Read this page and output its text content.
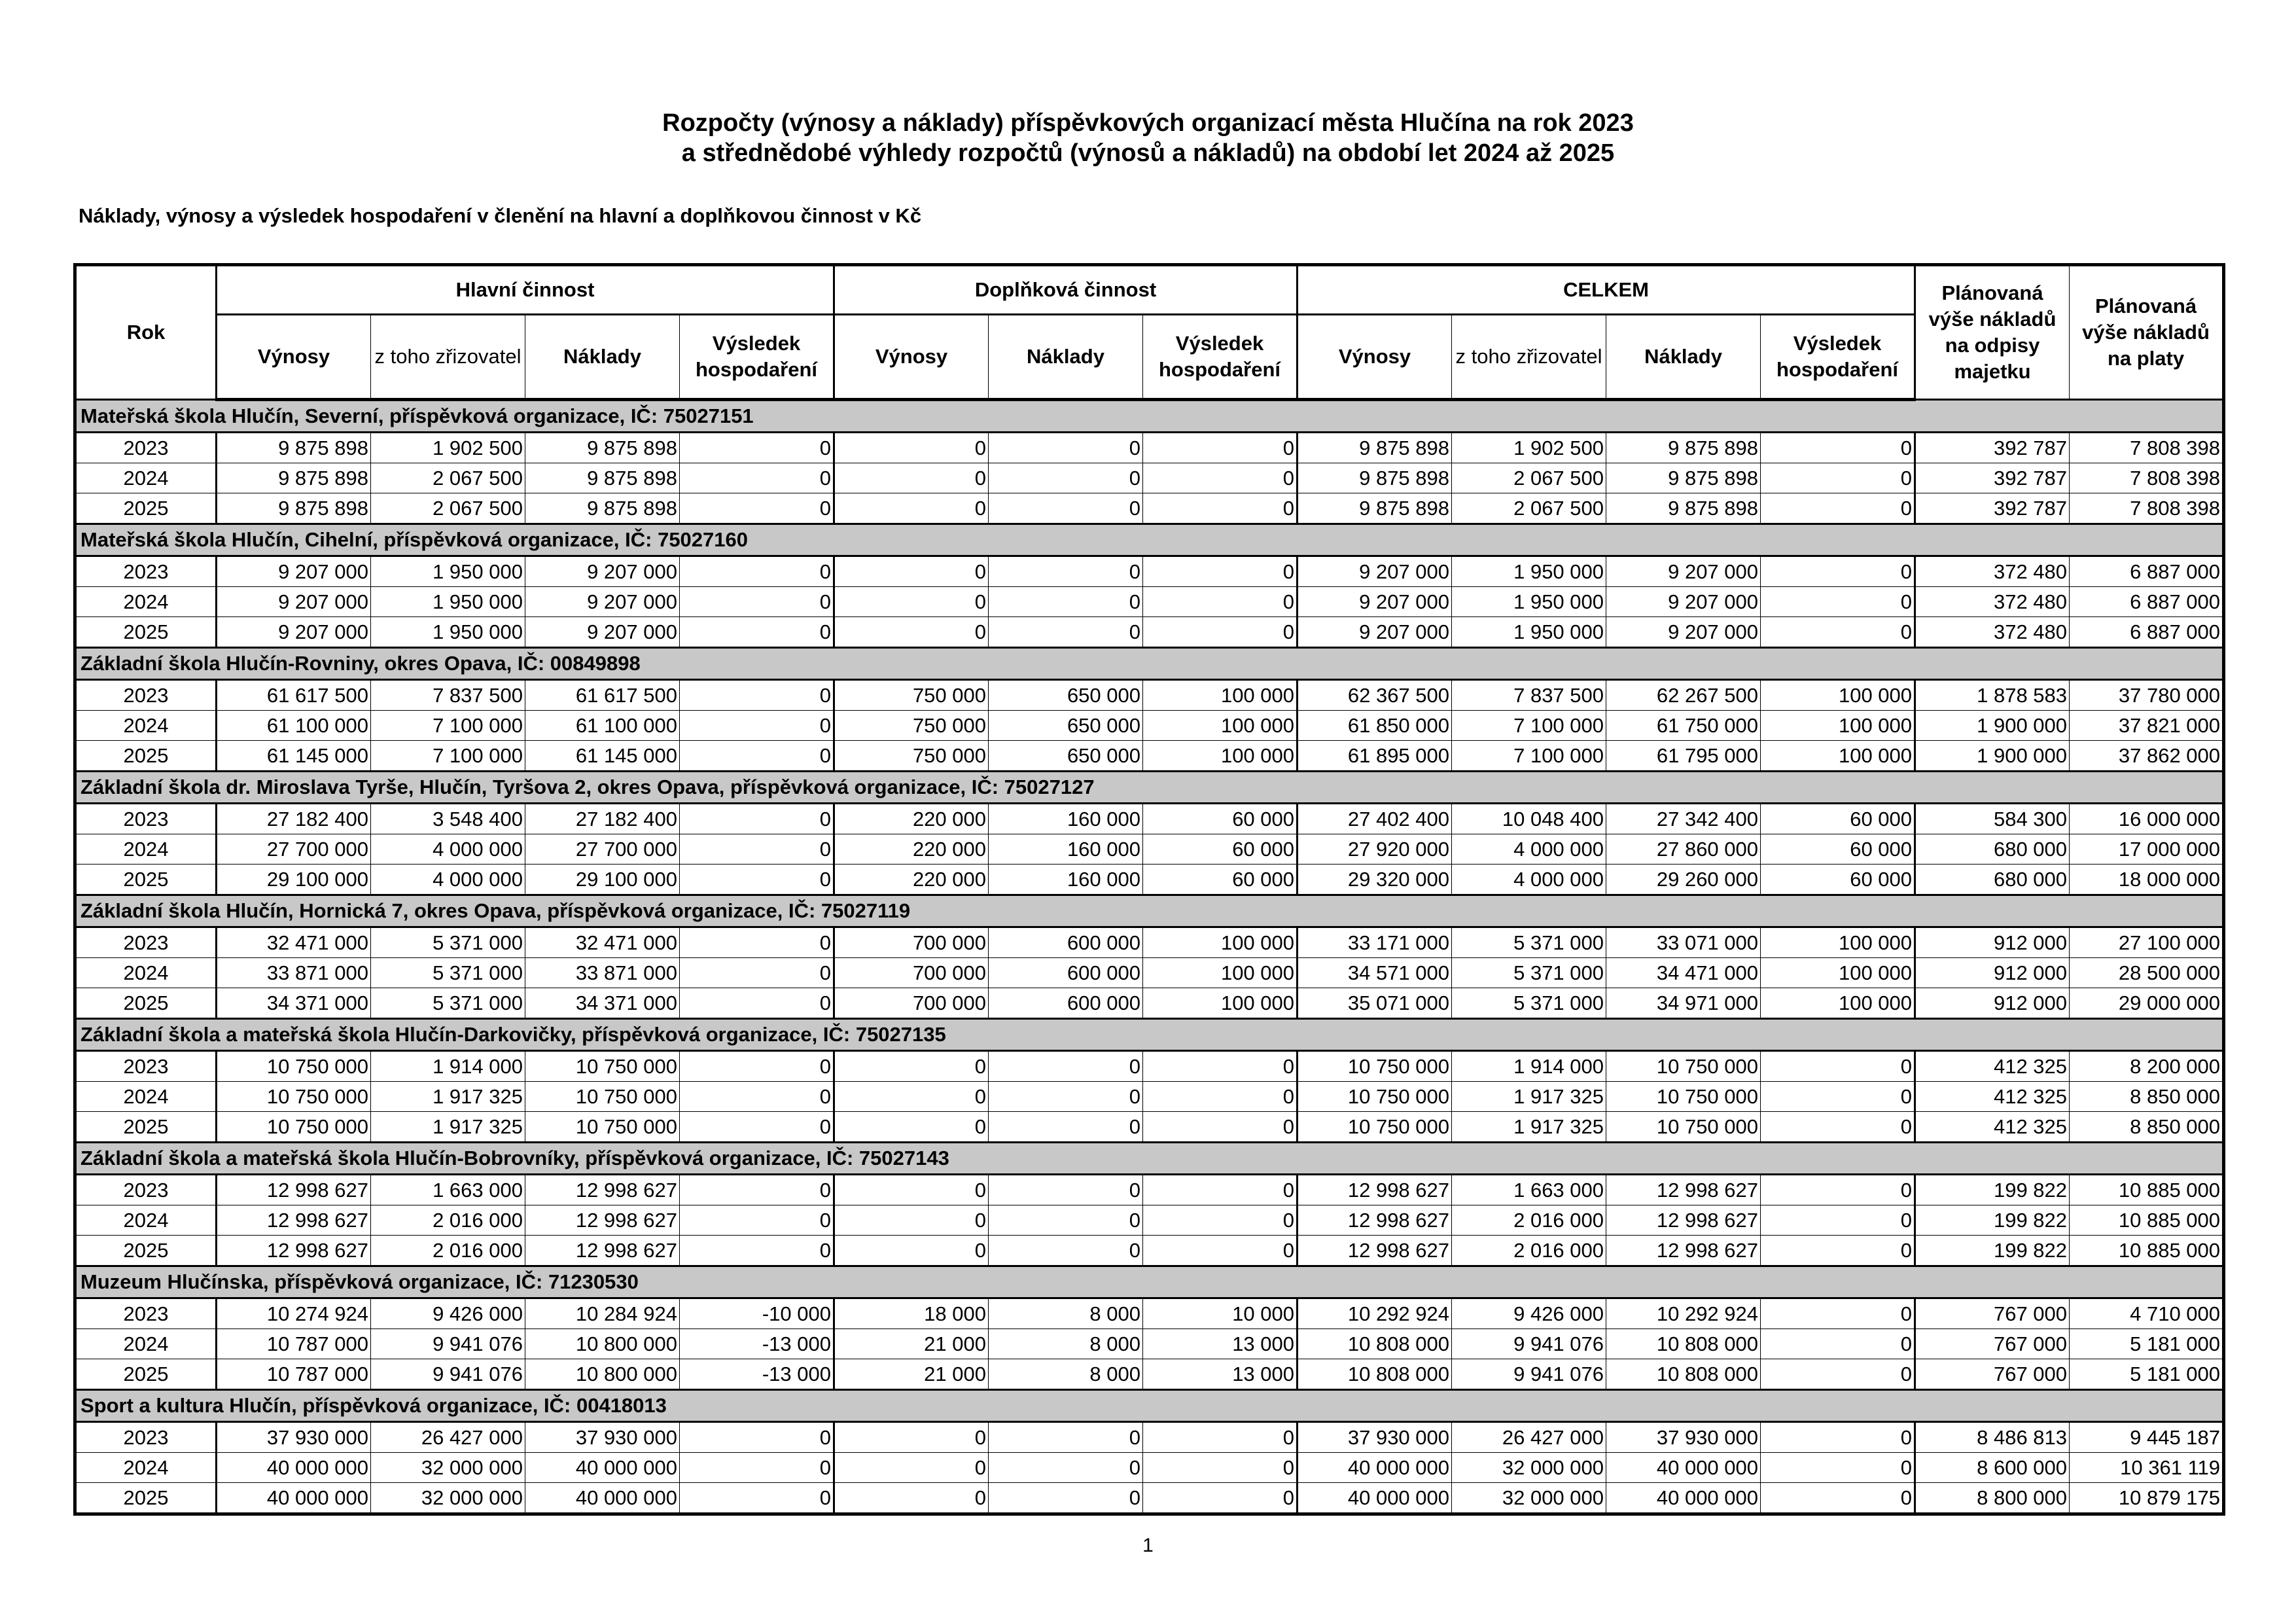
Rozpočty (výnosy a náklady) příspěvkových organizací města Hlučína na rok 2023
a střednědobé výhledy rozpočtů (výnosů a nákladů) na období let 2024 až 2025
Náklady, výnosy a výsledek hospodaření v členění na hlavní a doplňkovou činnost v Kč
Rok	Hlavní činnost				Doplňková činnost			CELKEM				Plánovaná výše nákladů na odpisy majetku	Plánovaná výše nákladů na platy
	Výnosy	z toho zřizovatel	Náklady	Výsledek hospodaření	Výnosy	Náklady	Výsledek hospodaření	Výnosy	z toho zřizovatel	Náklady	Výsledek hospodaření		
Mateřská škola Hlučín, Severní, příspěvková organizace, IČ: 75027151													
2023	9 875 898	1 902 500	9 875 898	0	0	0	0	9 875 898	1 902 500	9 875 898	0	392 787	7 808 398
2024	9 875 898	2 067 500	9 875 898	0	0	0	0	9 875 898	2 067 500	9 875 898	0	392 787	7 808 398
2025	9 875 898	2 067 500	9 875 898	0	0	0	0	9 875 898	2 067 500	9 875 898	0	392 787	7 808 398
Mateřská škola Hlučín, Cihelní, příspěvková organizace, IČ: 75027160													
2023	9 207 000	1 950 000	9 207 000	0	0	0	0	9 207 000	1 950 000	9 207 000	0	372 480	6 887 000
2024	9 207 000	1 950 000	9 207 000	0	0	0	0	9 207 000	1 950 000	9 207 000	0	372 480	6 887 000
2025	9 207 000	1 950 000	9 207 000	0	0	0	0	9 207 000	1 950 000	9 207 000	0	372 480	6 887 000
Základní škola Hlučín-Rovniny, okres Opava, IČ: 00849898													
2023	61 617 500	7 837 500	61 617 500	0	750 000	650 000	100 000	62 367 500	7 837 500	62 267 500	100 000	1 878 583	37 780 000
2024	61 100 000	7 100 000	61 100 000	0	750 000	650 000	100 000	61 850 000	7 100 000	61 750 000	100 000	1 900 000	37 821 000
2025	61 145 000	7 100 000	61 145 000	0	750 000	650 000	100 000	61 895 000	7 100 000	61 795 000	100 000	1 900 000	37 862 000
Základní škola dr. Miroslava Tyrše, Hlučín, Tyršova 2, okres Opava, příspěvková organizace, IČ: 75027127													
2023	27 182 400	3 548 400	27 182 400	0	220 000	160 000	60 000	27 402 400	10 048 400	27 342 400	60 000	584 300	16 000 000
2024	27 700 000	4 000 000	27 700 000	0	220 000	160 000	60 000	27 920 000	4 000 000	27 860 000	60 000	680 000	17 000 000
2025	29 100 000	4 000 000	29 100 000	0	220 000	160 000	60 000	29 320 000	4 000 000	29 260 000	60 000	680 000	18 000 000
Základní škola Hlučín, Hornická 7, okres Opava, příspěvková organizace, IČ: 75027119													
2023	32 471 000	5 371 000	32 471 000	0	700 000	600 000	100 000	33 171 000	5 371 000	33 071 000	100 000	912 000	27 100 000
2024	33 871 000	5 371 000	33 871 000	0	700 000	600 000	100 000	34 571 000	5 371 000	34 471 000	100 000	912 000	28 500 000
2025	34 371 000	5 371 000	34 371 000	0	700 000	600 000	100 000	35 071 000	5 371 000	34 971 000	100 000	912 000	29 000 000
Základní škola a mateřská škola Hlučín-Darkovičky, příspěvková organizace, IČ: 75027135													
2023	10 750 000	1 914 000	10 750 000	0	0	0	0	10 750 000	1 914 000	10 750 000	0	412 325	8 200 000
2024	10 750 000	1 917 325	10 750 000	0	0	0	0	10 750 000	1 917 325	10 750 000	0	412 325	8 850 000
2025	10 750 000	1 917 325	10 750 000	0	0	0	0	10 750 000	1 917 325	10 750 000	0	412 325	8 850 000
Základní škola a mateřská škola Hlučín-Bobrovníky, příspěvková organizace, IČ: 75027143													
2023	12 998 627	1 663 000	12 998 627	0	0	0	0	12 998 627	1 663 000	12 998 627	0	199 822	10 885 000
2024	12 998 627	2 016 000	12 998 627	0	0	0	0	12 998 627	2 016 000	12 998 627	0	199 822	10 885 000
2025	12 998 627	2 016 000	12 998 627	0	0	0	0	12 998 627	2 016 000	12 998 627	0	199 822	10 885 000
Muzeum Hlučínska, příspěvková organizace, IČ: 71230530													
2023	10 274 924	9 426 000	10 284 924	-10 000	18 000	8 000	10 000	10 292 924	9 426 000	10 292 924	0	767 000	4 710 000
2024	10 787 000	9 941 076	10 800 000	-13 000	21 000	8 000	13 000	10 808 000	9 941 076	10 808 000	0	767 000	5 181 000
2025	10 787 000	9 941 076	10 800 000	-13 000	21 000	8 000	13 000	10 808 000	9 941 076	10 808 000	0	767 000	5 181 000
Sport a kultura Hlučín, příspěvková organizace, IČ: 00418013													
2023	37 930 000	26 427 000	37 930 000	0	0	0	0	37 930 000	26 427 000	37 930 000	0	8 486 813	9 445 187
2024	40 000 000	32 000 000	40 000 000	0	0	0	0	40 000 000	32 000 000	40 000 000	0	8 600 000	10 361 119
2025	40 000 000	32 000 000	40 000 000	0	0	0	0	40 000 000	32 000 000	40 000 000	0	8 800 000	10 879 175
1
